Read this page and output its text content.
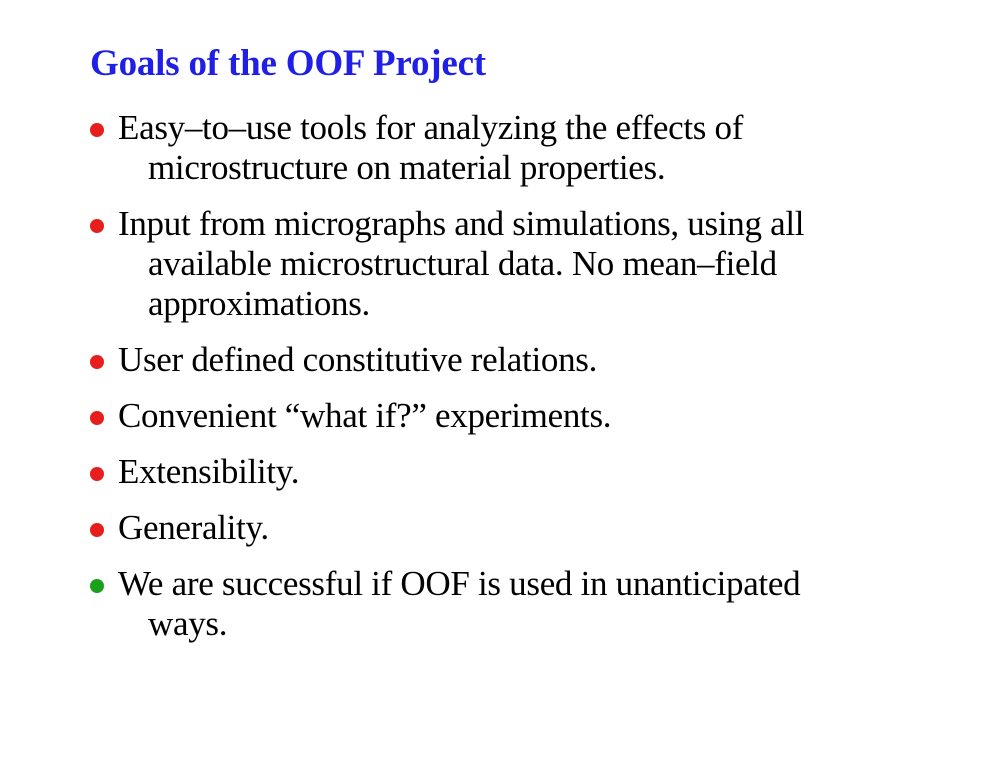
Goals of the OOF Project
Easy–to–use tools for analyzing the effects of
microstructure on material properties.
Input from micrographs and simulations, using all
available microstructural data. No mean–field
approximations.
User defined constitutive relations.
Convenient “what if?” experiments.
Extensibility.
Generality.
We are successful if OOF is used in unanticipated
ways.
